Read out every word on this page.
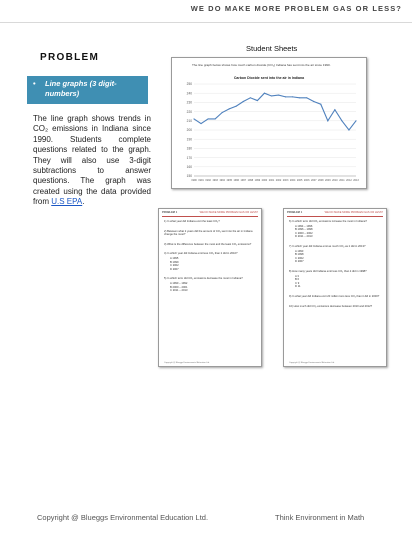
WE DO MAKE MORE PROBLEM GAS OR LESS?
PROBLEM
•	Line graphs (3 digit-numbers)
The line graph shows trends in CO₂ emissions in Indiana since 1990. Students complete questions related to the graph. They will also use 3-digit subtractions to answer questions. The graph was created using the data provided from U.S EPA.
Student Sheets
The line graph below shows how much carbon dioxide (CO₂) Indiana has sent into the air since 1990.
Carbon Dioxide sent into the air in Indiana
250
240
230
220
210
200
190
180
170
160
150
1990 1991 1992 1993 1994 1995 1996 1997 1998 1999 2000 2001 2002 2003 2004 2005 2006 2007 2008 2009 2010 2011 2012 2013
PROBLEM 1	WE DO MAKE MORE PROBLEM GAS OR LESS?
1) In what year did Indiana emit the least CO₂?
2) Between what 2 years did the amount of CO₂ sent into the air in Indiana change the most?
3) What is the difference between the most and the least CO₂ emissions?
4) In which year did Indiana emit less CO₂ than it did in 2010?
A 1995
B 1999
C 2002
D 2007
5) In which term did CO₂ emissions decrease the most in Indiana?
A 1990 – 1992
B 2000 – 2001
C 2011 – 2013
Copyright @ Blueggs Environmental Education Ltd.
PROBLEM 1	WE DO MAKE MORE PROBLEM GAS OR LESS?
6) In which term did CO₂ emissions increase the most in Indiana?
A 1994 – 1996
B 1996 – 1998
C 2000 – 2002
D 2011 – 2013
7) In which year did Indiana emit as much CO₂ as it did in 2013?
A 1993
B 1998
C 2002
D 2007
8) How many years did Indiana emit less CO₂ than it did in 1998?
A 3
B 6
C 9
D 11
9) In what year did Indiana emit 20 million tons less CO₂ than it did in 2000?
10) How much did CO₂ emissions decrease between 2010 and 2012?
Copyright @ Blueggs Environmental Education Ltd.
Copyright @ Blueggs Environmental Education Ltd.	Think Environment in Math
